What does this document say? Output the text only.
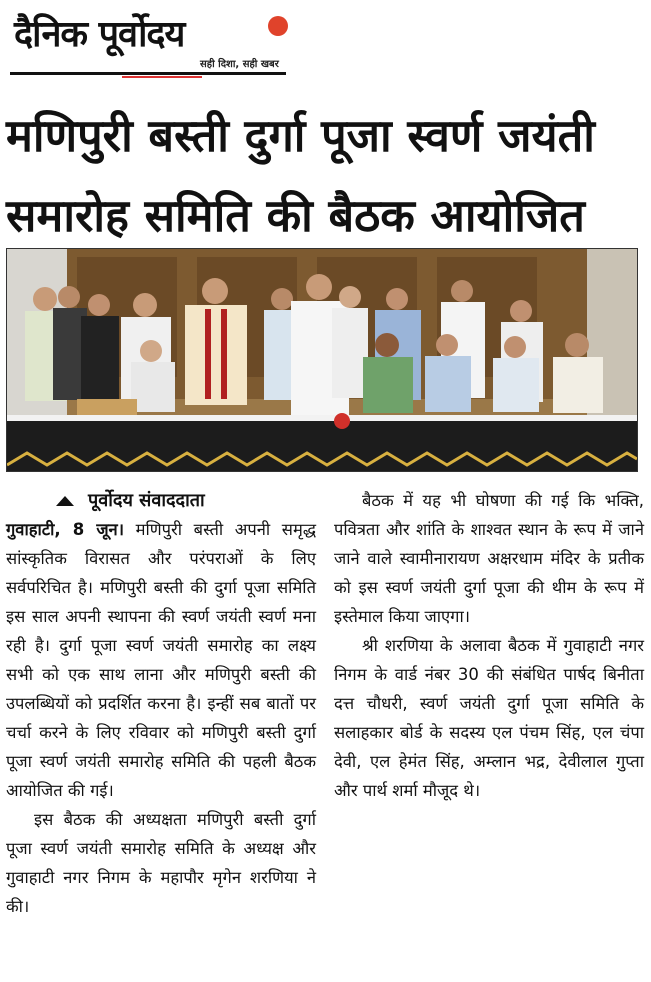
दैनिक पूर्वोदय
सही दिशा, सही खबर
मणिपुरी बस्ती दुर्गा पूजा स्वर्ण जयंती समारोह समिति की बैठक आयोजित

पूर्वोदय संवाददाता

गुवाहाटी, 8 जून। मणिपुरी बस्ती अपनी समृद्ध सांस्कृतिक विरासत और परंपराओं के लिए सर्वपरिचित है। मणिपुरी बस्ती की दुर्गा पूजा समिति इस साल अपनी स्थापना की स्वर्ण जयंती स्वर्ण मना रही है। दुर्गा पूजा स्वर्ण जयंती समारोह का लक्ष्य सभी को एक साथ लाना और मणिपुरी बस्ती की उपलब्धियों को प्रदर्शित करना है। इन्हीं सब बातों पर चर्चा करने के लिए रविवार को मणिपुरी बस्ती दुर्गा पूजा स्वर्ण जयंती समारोह समिति की पहली बैठक आयोजित की गई।

इस बैठक की अध्यक्षता मणिपुरी बस्ती दुर्गा पूजा स्वर्ण जयंती समारोह समिति के अध्यक्ष और गुवाहाटी नगर निगम के महापौर मृगेन शरणिया ने की।

बैठक में यह भी घोषणा की गई कि भक्ति, पवित्रता और शांति के शाश्वत स्थान के रूप में जाने जाने वाले स्वामीनारायण अक्षरधाम मंदिर के प्रतीक को इस स्वर्ण जयंती दुर्गा पूजा की थीम के रूप में इस्तेमाल किया जाएगा।

श्री शरणिया के अलावा बैठक में गुवाहाटी नगर निगम के वार्ड नंबर 30 की संबंधित पार्षद बिनीता दत्त चौधरी, स्वर्ण जयंती दुर्गा पूजा समिति के सलाहकार बोर्ड के सदस्य एल पंचम सिंह, एल चंपा देवी, एल हेमंत सिंह, अम्लान भद्र, देवीलाल गुप्ता और पार्थ शर्मा मौजूद थे।
